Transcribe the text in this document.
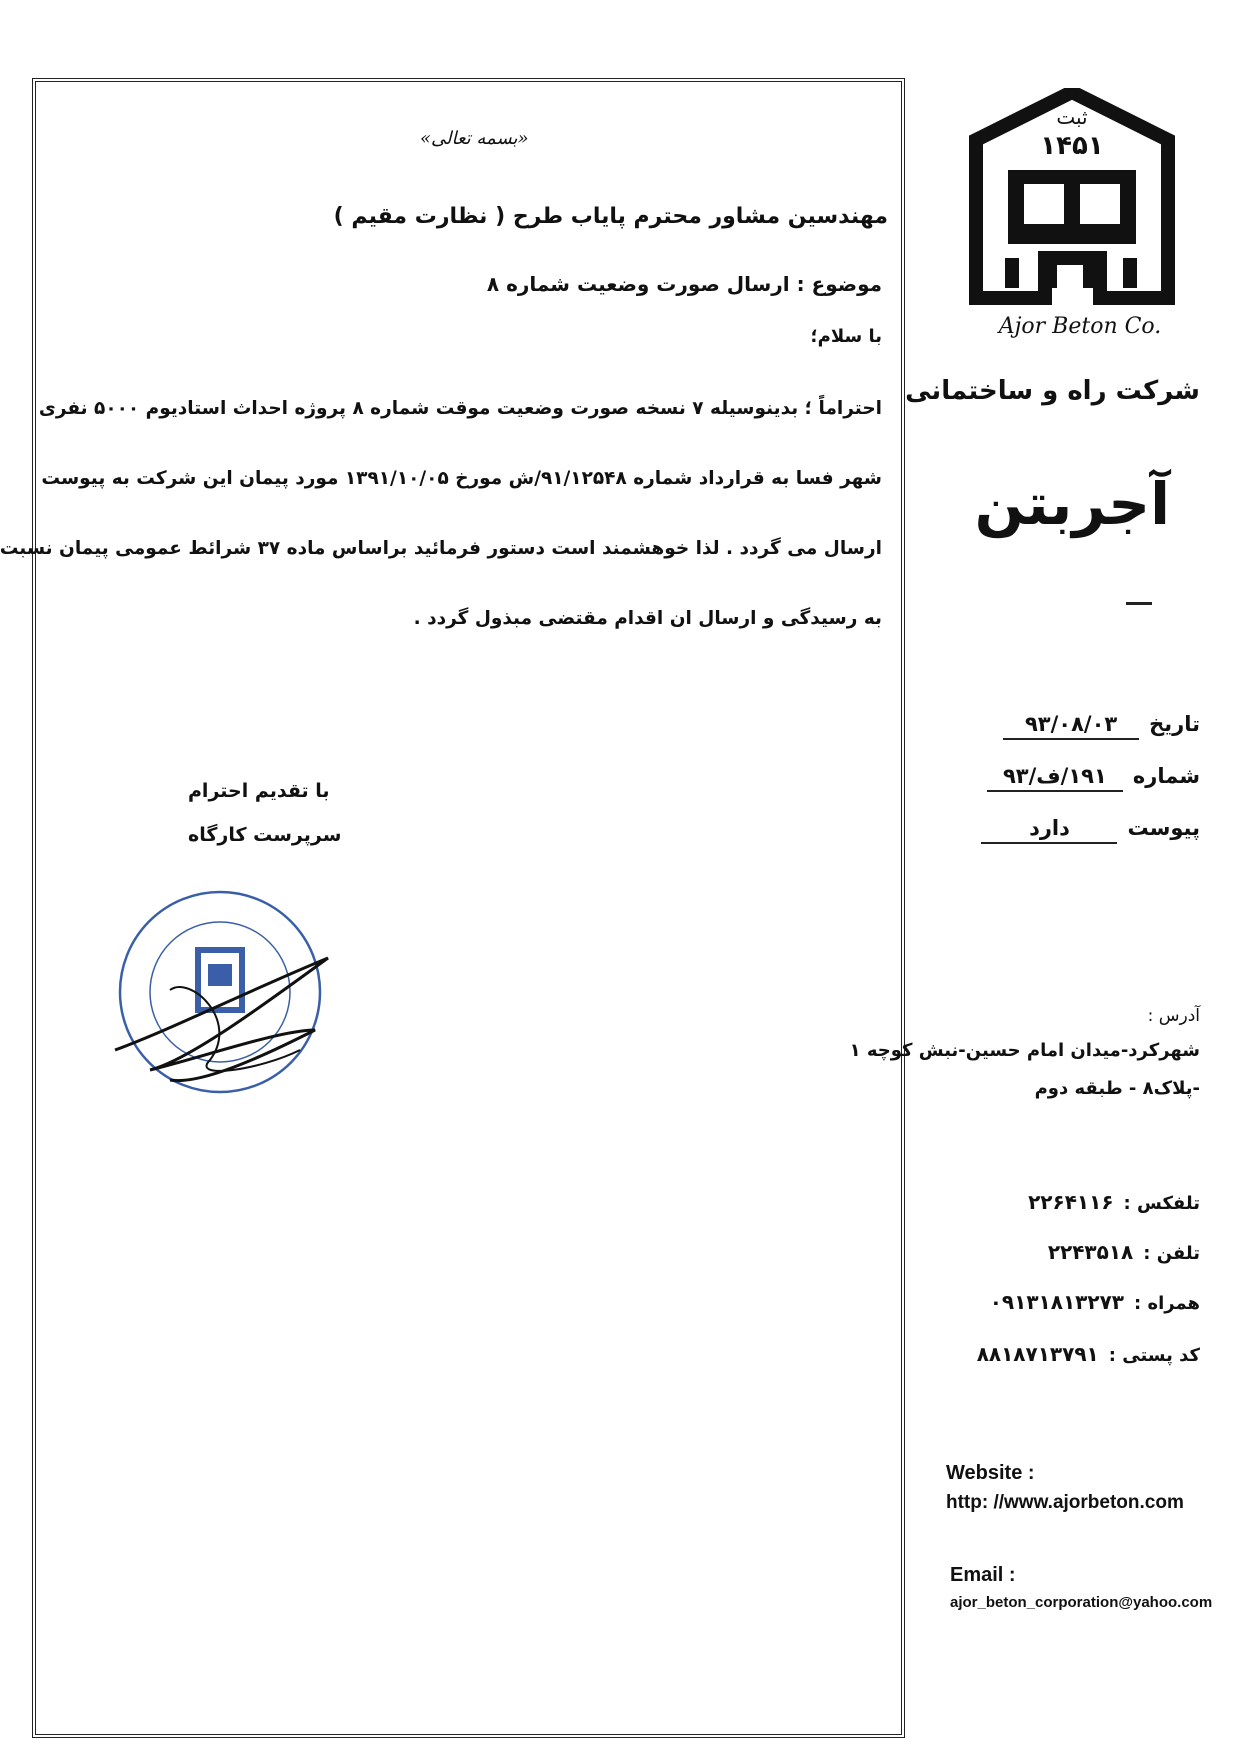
«بسمه تعالی»
مهندسین مشاور محترم پایاب طرح ( نظارت مقیم )
موضوع : ارسال صورت وضعیت شماره ۸
با سلام؛
احتراماً ؛ بدینوسیله ۷ نسخه صورت وضعیت موقت شماره ۸ پروژه احداث استادیوم ۵۰۰۰ نفری
شهر فسا به قرارداد شماره ۹۱/۱۲۵۴۸/ش مورخ ۱۳۹۱/۱۰/۰۵ مورد پیمان این شرکت به پیوست
ارسال می گردد . لذا خوهشمند است دستور فرمائید براساس ماده ۳۷ شرائط عمومی پیمان نسبت
به رسیدگی و ارسال ان اقدام مقتضی مبذول گردد .
با تقدیم احترام
سرپرست کارگاه
ثبت
۱۴۵۱
Ajor Beton Co.
شرکت راه و ساختمانی
آجربتن
تاریخ۹۳/۰۸/۰۳
شماره۱۹۱/ف/۹۳
پیوستدارد
آدرس :
شهرکرد-میدان امام حسین-نبش کوچه ۱
-پلاک۸ - طبقه دوم
تلفکس :۲۲۶۴۱۱۶
تلفن :۲۲۴۳۵۱۸
همراه :۰۹۱۳۱۸۱۳۲۷۳
کد پستی :۸۸۱۸۷۱۳۷۹۱
Website :
http: //www.ajorbeton.com
Email :
ajor_beton_corporation@yahoo.com
